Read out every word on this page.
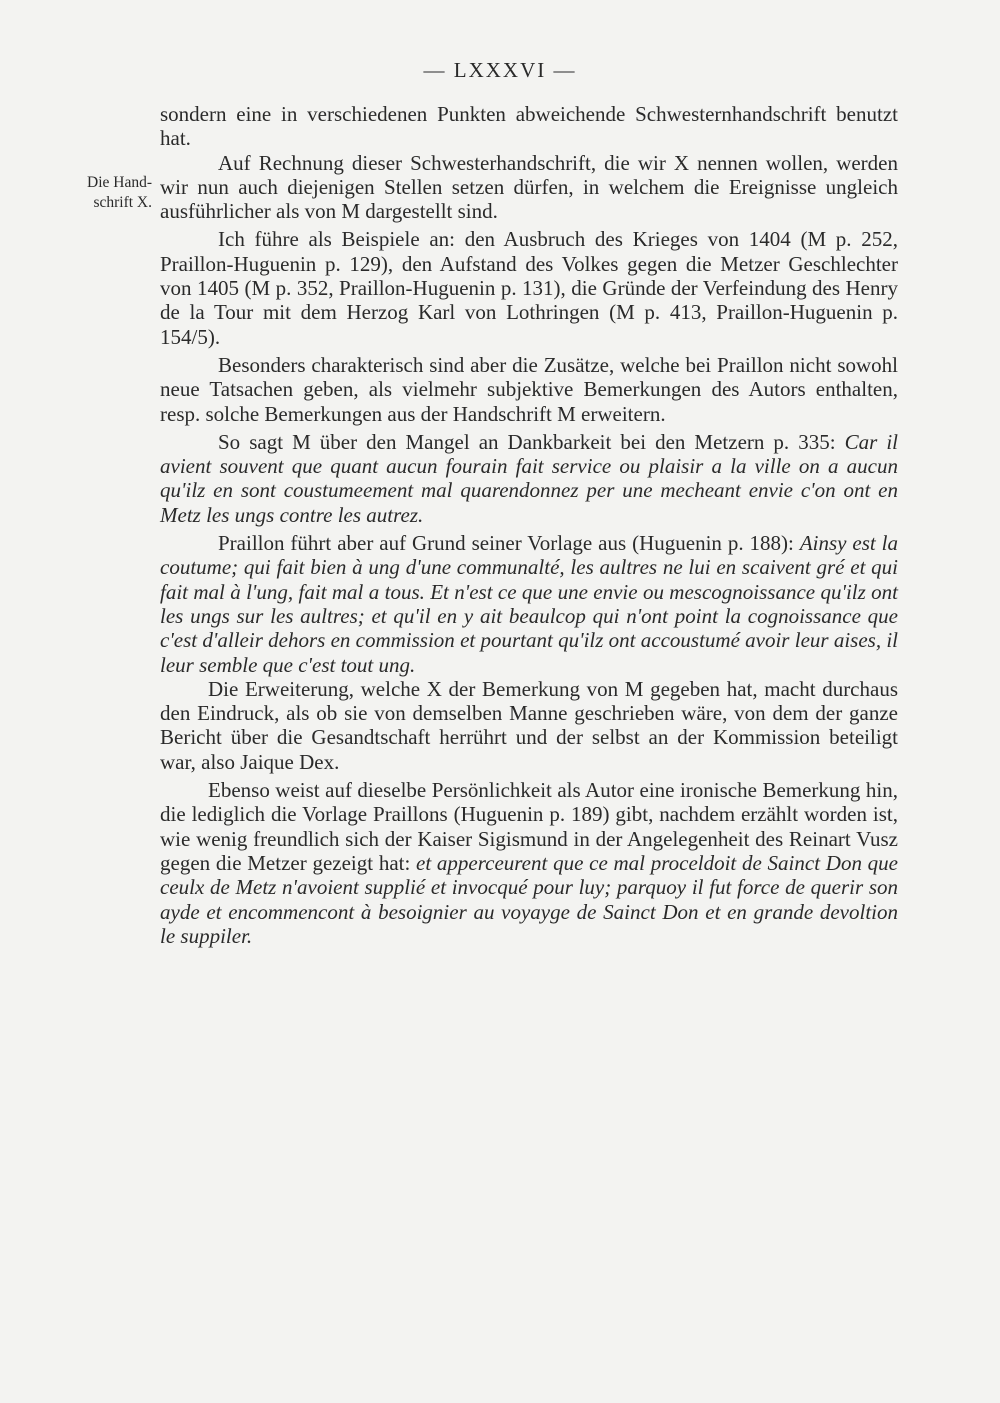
— LXXXVI —
Die Hand-
schrift X.

sondern eine in verschiedenen Punkten abweichende Schwesternhandschrift benutzt hat.

Auf Rechnung dieser Schwesterhandschrift, die wir X nennen wollen, werden wir nun auch diejenigen Stellen setzen dürfen, in welchem die Ereignisse ungleich ausführlicher als von M dargestellt sind.

Ich führe als Beispiele an: den Ausbruch des Krieges von 1404 (M p. 252, Praillon-Huguenin p. 129), den Aufstand des Volkes gegen die Metzer Geschlechter von 1405 (M p. 352, Praillon-Huguenin p. 131), die Gründe der Verfeindung des Henry de la Tour mit dem Herzog Karl von Lothringen (M p. 413, Praillon-Huguenin p. 154/5).

Besonders charakterisch sind aber die Zusätze, welche bei Praillon nicht sowohl neue Tatsachen geben, als vielmehr subjektive Bemerkungen des Autors enthalten, resp. solche Bemerkungen aus der Handschrift M erweitern.

So sagt M über den Mangel an Dankbarkeit bei den Metzern p. 335: Car il avient souvent que quant aucun fourain fait service ou plaisir a la ville on a aucun qu'ilz en sont coustumeement mal quarendonnez per une mecheant envie c'on ont en Metz les ungs contre les autrez.

Praillon führt aber auf Grund seiner Vorlage aus (Huguenin p. 188): Ainsy est la coutume; qui fait bien à ung d'une communalté, les aultres ne lui en scaivent gré et qui fait mal à l'ung, fait mal a tous. Et n'est ce que une envie ou mescognoissance qu'ilz ont les ungs sur les aultres; et qu'il en y ait beaulcop qui n'ont point la cognoissance que c'est d'alleir dehors en commission et pourtant qu'ilz ont accoustumé avoir leur aises, il leur semble que c'est tout ung.

Die Erweiterung, welche X der Bemerkung von M gegeben hat, macht durchaus den Eindruck, als ob sie von demselben Manne geschrieben wäre, von dem der ganze Bericht über die Gesandtschaft herrührt und der selbst an der Kommission beteiligt war, also Jaique Dex.

Ebenso weist auf dieselbe Persönlichkeit als Autor eine ironische Bemerkung hin, die lediglich die Vorlage Praillons (Huguenin p. 189) gibt, nachdem erzählt worden ist, wie wenig freundlich sich der Kaiser Sigismund in der Angelegenheit des Reinart Vusz gegen die Metzer gezeigt hat: et apperceurent que ce mal proceldoit de Sainct Don que ceulx de Metz n'avoient supplié et invocqué pour luy; parquoy il fut force de querir son ayde et encommencont à besoignier au voyayge de Sainct Don et en grande devoltion le suppiler.
